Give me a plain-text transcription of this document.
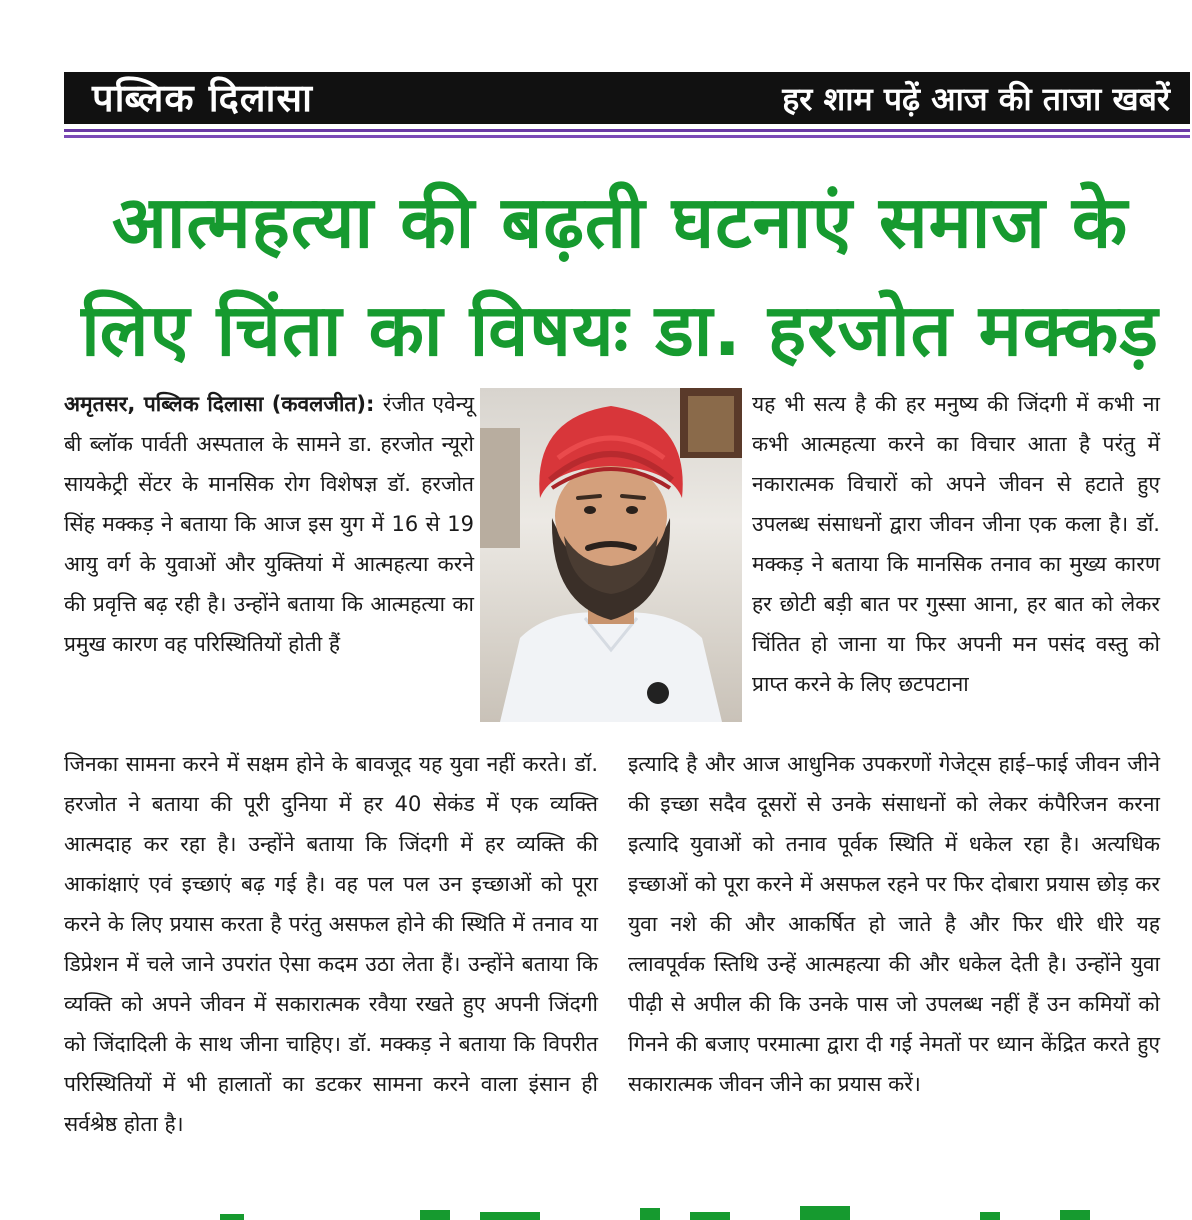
पब्लिक दिलासा	हर शाम पढ़ें आज की ताजा खबरें
आत्महत्या की बढ़ती घटनाएं समाज के
लिए चिंता का विषयः डा. हरजोत मक्कड़
अमृतसर, पब्लिक दिलासा (कवलजीत): रंजीत एवेन्यू बी ब्लॉक पार्वती अस्पताल के सामने डा. हरजोत न्यूरो सायकेट्री सेंटर के मानसिक रोग विशेषज्ञ डॉ. हरजोत सिंह मक्कड़ ने बताया कि आज इस युग में 16 से 19 आयु वर्ग के युवाओं और युक्तियां में आत्महत्या करने की प्रवृत्ति बढ़ रही है। उन्होंने बताया कि आत्महत्या का प्रमुख कारण वह परिस्थितियों होती हैं
जिनका सामना करने में सक्षम होने के बावजूद यह युवा नहीं करते। डॉ. हरजोत ने बताया की पूरी दुनिया में हर 40 सेकंड में एक व्यक्ति आत्मदाह कर रहा है। उन्होंने बताया कि जिंदगी में हर व्यक्ति की आकांक्षाएं एवं इच्छाएं बढ़ गई है। वह पल पल उन इच्छाओं को पूरा करने के लिए प्रयास करता है परंतु असफल होने की स्थिति में तनाव या डिप्रेशन में चले जाने उपरांत ऐसा कदम उठा लेता हैं। उन्होंने बताया कि व्यक्ति को अपने जीवन में सकारात्मक रवैया रखते हुए अपनी जिंदगी को जिंदादिली के साथ जीना चाहिए। डॉ. मक्कड़ ने बताया कि विपरीत परिस्थितियों में भी हालातों का डटकर सामना करने वाला इंसान ही सर्वश्रेष्ठ होता है।
यह भी सत्य है की हर मनुष्य की जिंदगी में कभी ना कभी आत्महत्या करने का विचार आता है परंतु में नकारात्मक विचारों को अपने जीवन से हटाते हुए उपलब्ध संसाधनों द्वारा जीवन जीना एक कला है। डॉ. मक्कड़ ने बताया कि मानसिक तनाव का मुख्य कारण हर छोटी बड़ी बात पर गुस्सा आना, हर बात को लेकर चिंतित हो जाना या फिर अपनी मन पसंद वस्तु को प्राप्त करने के लिए छटपटाना
इत्यादि है और आज आधुनिक उपकरणों गेजेट्स हाई–फाई जीवन जीने की इच्छा सदैव दूसरों से उनके संसाधनों को लेकर कंपैरिजन करना इत्यादि युवाओं को तनाव पूर्वक स्थिति में धकेल रहा है। अत्यधिक इच्छाओं को पूरा करने में असफल रहने पर फिर दोबारा प्रयास छोड़ कर युवा नशे की और आकर्षित हो जाते है और फिर धीरे धीरे यह त्लावपूर्वक स्तिथि उन्हें आत्महत्या की और धकेल देती है। उन्होंने युवा पीढ़ी से अपील की कि उनके पास जो उपलब्ध नहीं हैं उन कमियों को गिनने की बजाए परमात्मा द्वारा दी गई नेमतों पर ध्यान केंद्रित करते हुए सकारात्मक जीवन जीने का प्रयास करें।
